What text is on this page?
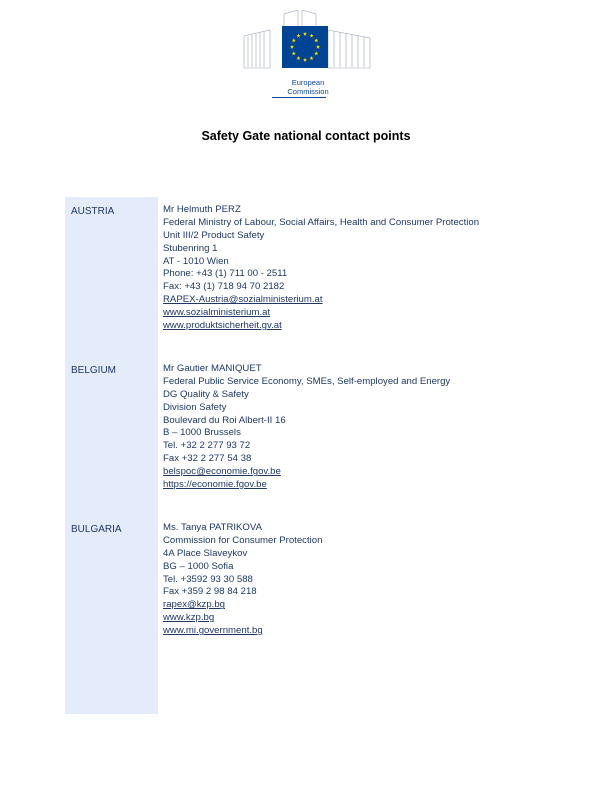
European
Commission
Safety Gate national contact points
AUSTRIA	Mr Helmuth PERZ
Federal Ministry of Labour, Social Affairs, Health and Consumer Protection
Unit III/2 Product Safety
Stubenring 1
AT - 1010 Wien
Phone: +43 (1) 711 00 - 2511
Fax: +43 (1) 718 94 70 2182
RAPEX-Austria@sozialministerium.at
www.sozialministerium.at
www.produktsicherheit.gv.at
BELGIUM	Mr Gautier MANIQUET
Federal Public Service Economy, SMEs, Self-employed and Energy
DG Quality & Safety
Division Safety
Boulevard du Roi Albert-II 16
B – 1000 Brussels
Tel. +32 2 277 93 72
Fax +32 2 277 54 38
belspoc@economie.fgov.be
https://economie.fgov.be
BULGARIA	Ms. Tanya PATRIKOVA
Commission for Consumer Protection
4A Place Slaveykov
BG – 1000 Sofia
Tel. +3592 93 30 588
Fax +359 2 98 84 218
rapex@kzp.bg
www.kzp.bg
www.mi.government.bg
